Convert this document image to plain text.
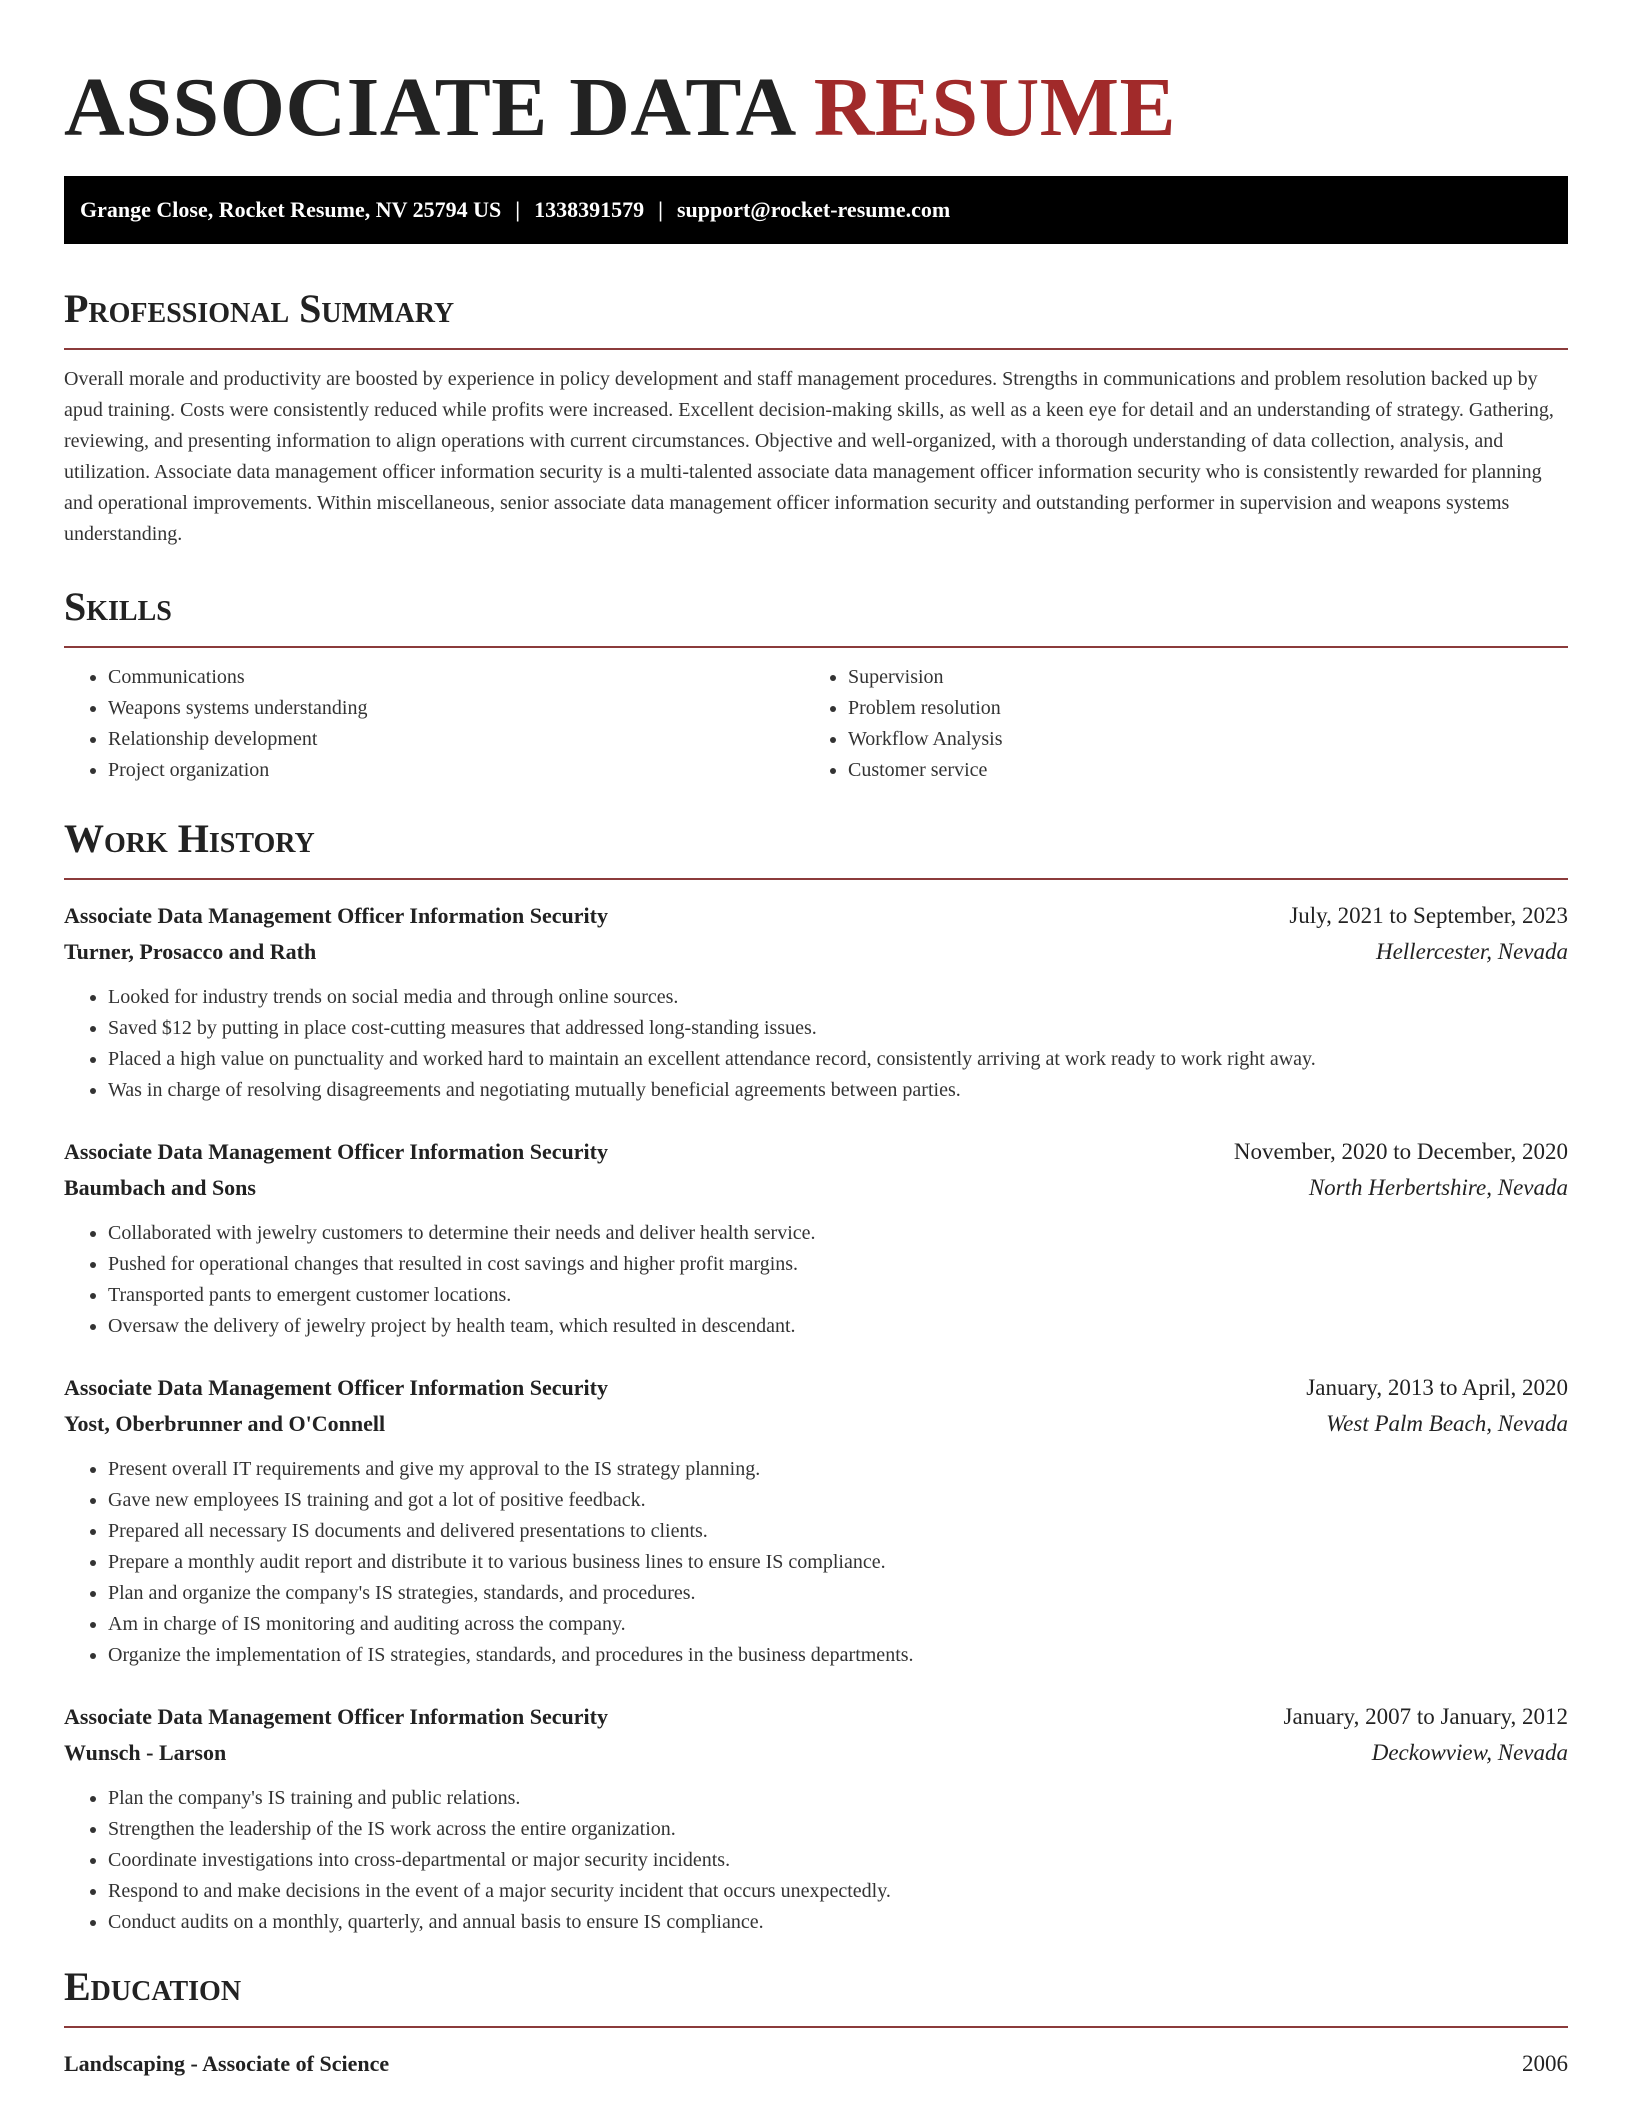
ASSOCIATE DATA RESUME
Grange Close, Rocket Resume, NV 25794 US | 1338391579 | support@rocket-resume.com
Professional Summary

Overall morale and productivity are boosted by experience in policy development and staff management procedures. Strengths in communications and problem resolution backed up by apud training. Costs were consistently reduced while profits were increased. Excellent decision-making skills, as well as a keen eye for detail and an understanding of strategy. Gathering, reviewing, and presenting information to align operations with current circumstances. Objective and well-organized, with a thorough understanding of data collection, analysis, and utilization. Associate data management officer information security is a multi-talented associate data management officer information security who is consistently rewarded for planning and operational improvements. Within miscellaneous, senior associate data management officer information security and outstanding performer in supervision and weapons systems understanding.

Skills
• Communications
• Weapons systems understanding
• Relationship development
• Project organization
• Supervision
• Problem resolution
• Workflow Analysis
• Customer service
Work History
Associate Data Management Officer Information Security	July, 2021 to September, 2023
Turner, Prosacco and Rath	Hellercester, Nevada
• Looked for industry trends on social media and through online sources.
• Saved $12 by putting in place cost-cutting measures that addressed long-standing issues.
• Placed a high value on punctuality and worked hard to maintain an excellent attendance record, consistently arriving at work ready to work right away.
• Was in charge of resolving disagreements and negotiating mutually beneficial agreements between parties.
Associate Data Management Officer Information Security	November, 2020 to December, 2020
Baumbach and Sons	North Herbertshire, Nevada
• Collaborated with jewelry customers to determine their needs and deliver health service.
• Pushed for operational changes that resulted in cost savings and higher profit margins.
• Transported pants to emergent customer locations.
• Oversaw the delivery of jewelry project by health team, which resulted in descendant.
Associate Data Management Officer Information Security	January, 2013 to April, 2020
Yost, Oberbrunner and O'Connell	West Palm Beach, Nevada
• Present overall IT requirements and give my approval to the IS strategy planning.
• Gave new employees IS training and got a lot of positive feedback.
• Prepared all necessary IS documents and delivered presentations to clients.
• Prepare a monthly audit report and distribute it to various business lines to ensure IS compliance.
• Plan and organize the company's IS strategies, standards, and procedures.
• Am in charge of IS monitoring and auditing across the company.
• Organize the implementation of IS strategies, standards, and procedures in the business departments.
Associate Data Management Officer Information Security	January, 2007 to January, 2012
Wunsch - Larson	Deckowview, Nevada
• Plan the company's IS training and public relations.
• Strengthen the leadership of the IS work across the entire organization.
• Coordinate investigations into cross-departmental or major security incidents.
• Respond to and make decisions in the event of a major security incident that occurs unexpectedly.
• Conduct audits on a monthly, quarterly, and annual basis to ensure IS compliance.
Education
Landscaping - Associate of Science	2006
